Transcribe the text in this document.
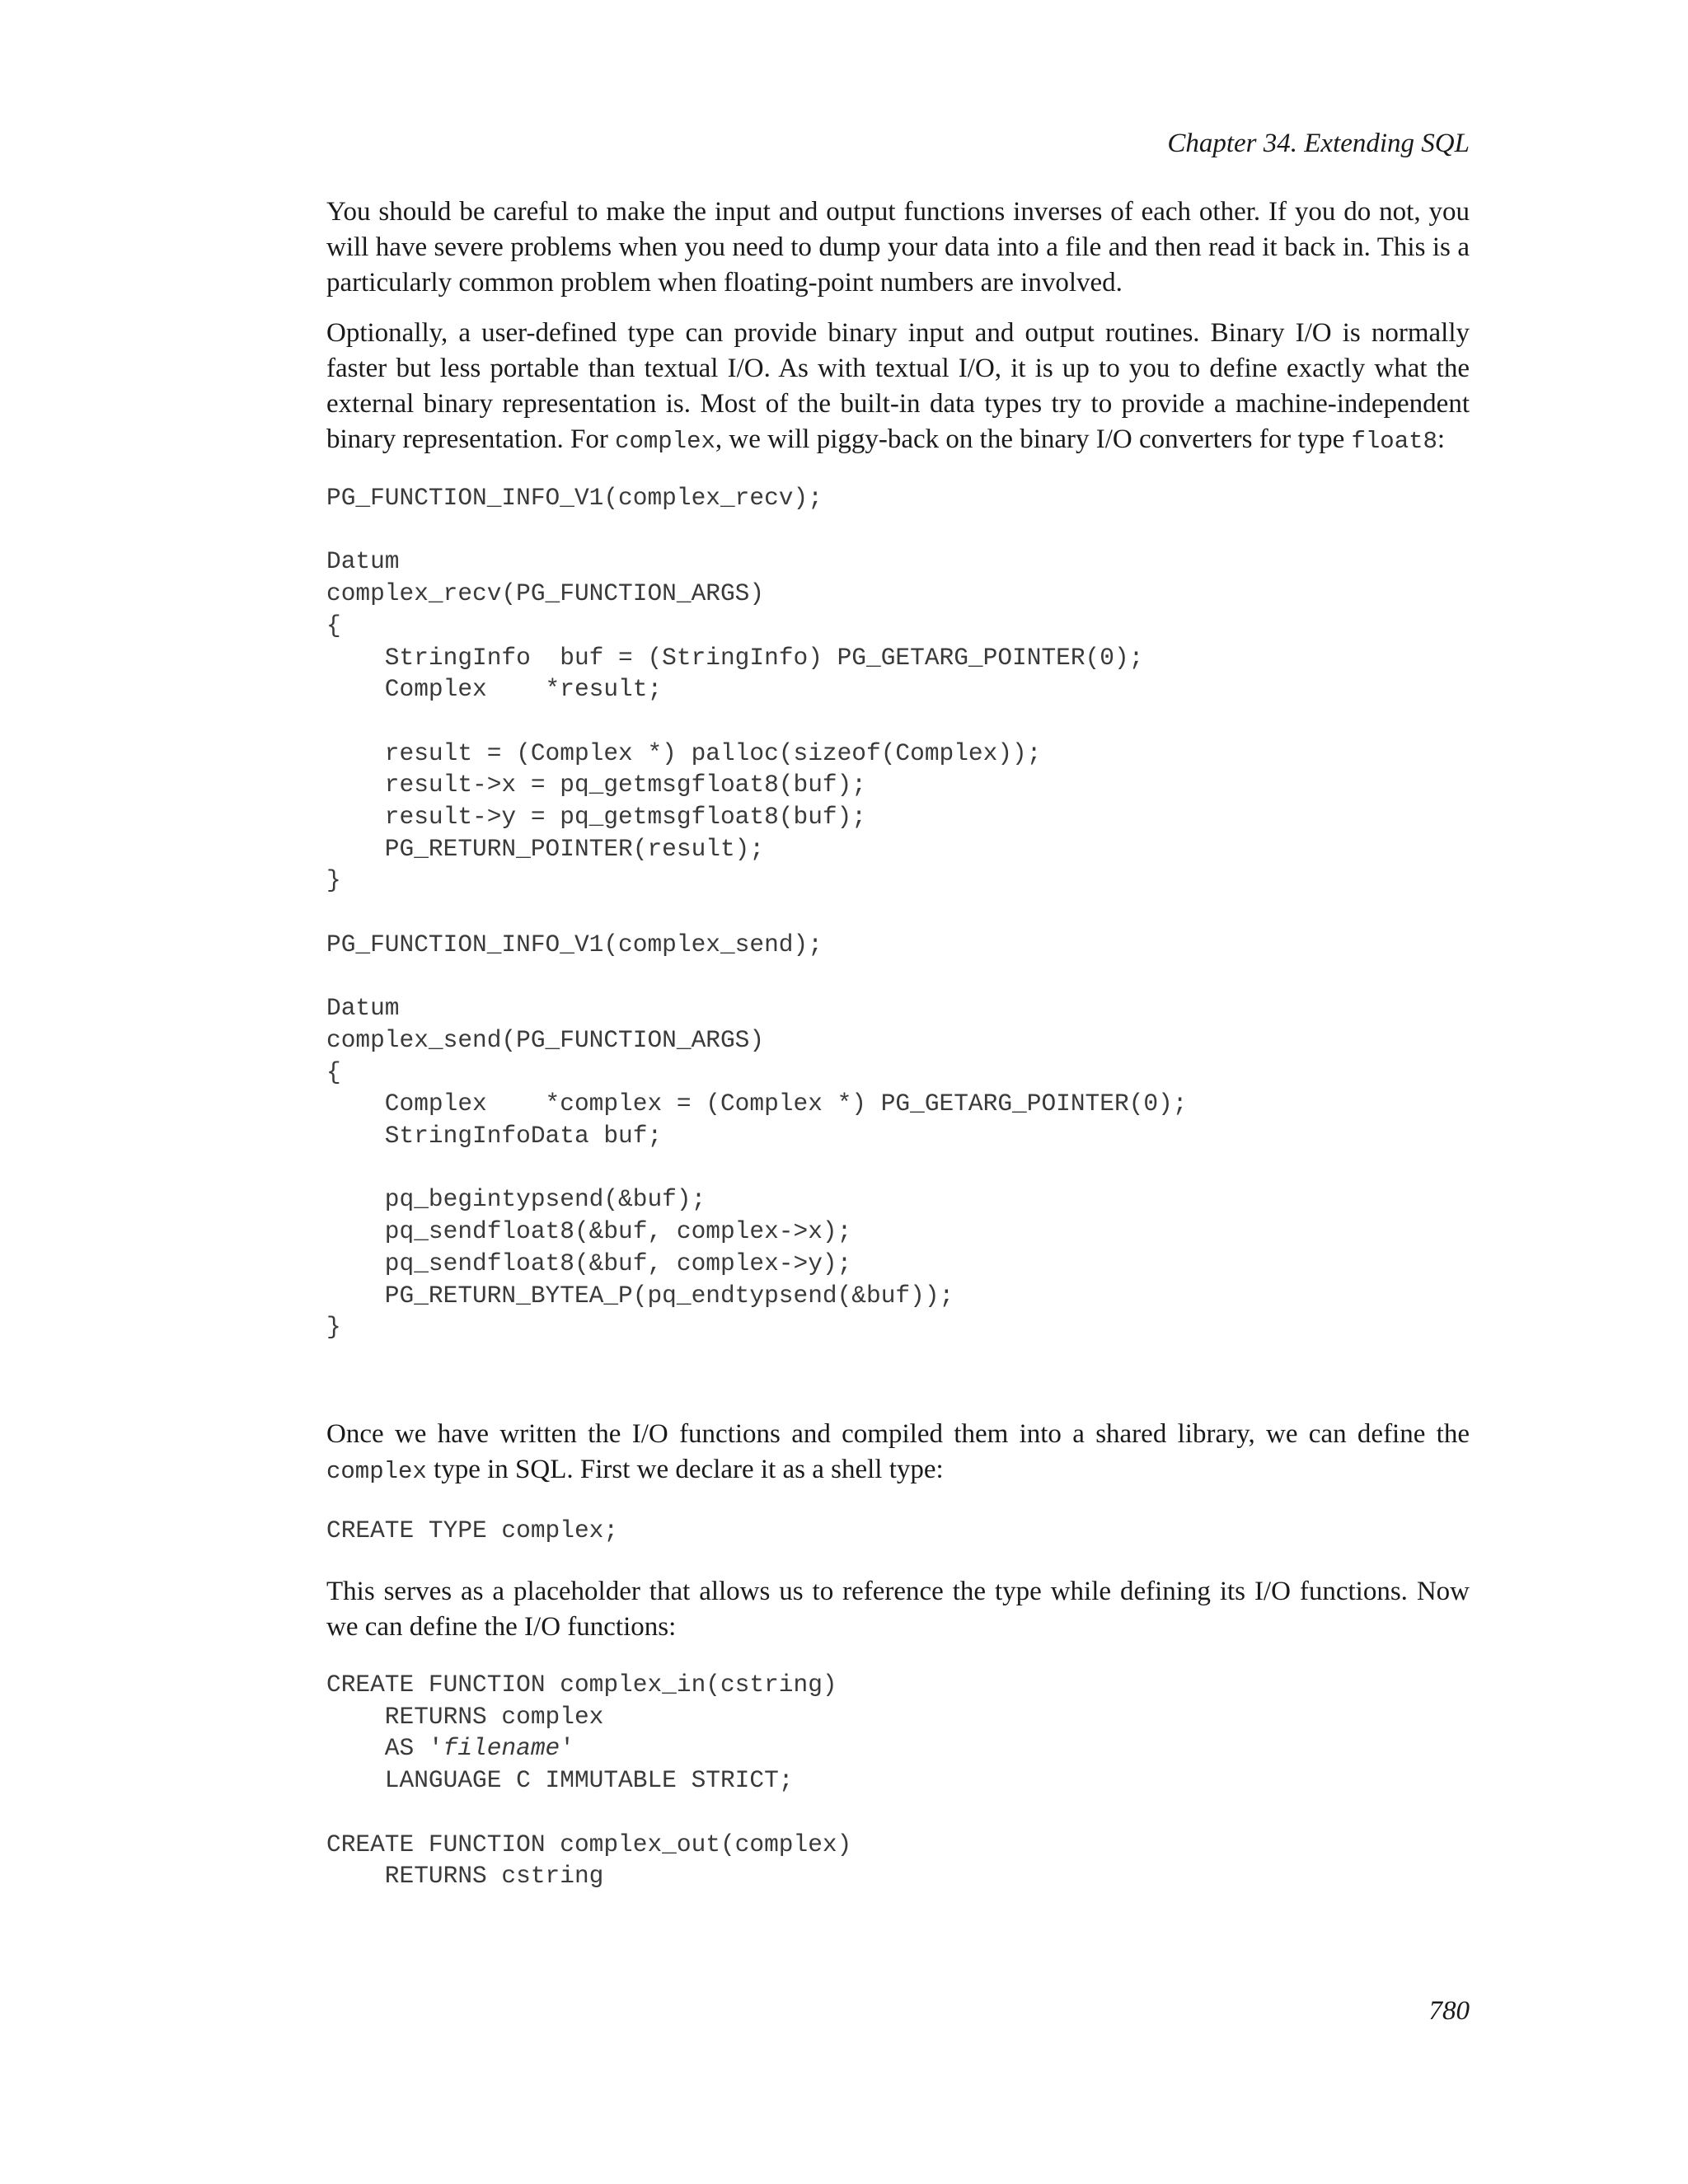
Chapter 34. Extending SQL

You should be careful to make the input and output functions inverses of each other. If you do not, you will have severe problems when you need to dump your data into a file and then read it back in. This is a particularly common problem when floating-point numbers are involved.

Optionally, a user-defined type can provide binary input and output routines. Binary I/O is normally faster but less portable than textual I/O. As with textual I/O, it is up to you to define exactly what the external binary representation is. Most of the built-in data types try to provide a machine-independent binary representation. For complex, we will piggy-back on the binary I/O converters for type float8:

PG_FUNCTION_INFO_V1(complex_recv);

Datum
complex_recv(PG_FUNCTION_ARGS)
{
StringInfo  buf = (StringInfo) PG_GETARG_POINTER(0);
Complex    *result;

result = (Complex *) palloc(sizeof(Complex));
result->x = pq_getmsgfloat8(buf);
result->y = pq_getmsgfloat8(buf);
PG_RETURN_POINTER(result);
}

PG_FUNCTION_INFO_V1(complex_send);

Datum
complex_send(PG_FUNCTION_ARGS)
{
Complex    *complex = (Complex *) PG_GETARG_POINTER(0);
StringInfoData buf;

pq_begintypsend(&buf);
pq_sendfloat8(&buf, complex->x);
pq_sendfloat8(&buf, complex->y);
PG_RETURN_BYTEA_P(pq_endtypsend(&buf));
}

Once we have written the I/O functions and compiled them into a shared library, we can define the complex type in SQL. First we declare it as a shell type:

CREATE TYPE complex;

This serves as a placeholder that allows us to reference the type while defining its I/O functions. Now we can define the I/O functions:

CREATE FUNCTION complex_in(cstring)
RETURNS complex
AS 'filename'
LANGUAGE C IMMUTABLE STRICT;

CREATE FUNCTION complex_out(complex)
RETURNS cstring

780
